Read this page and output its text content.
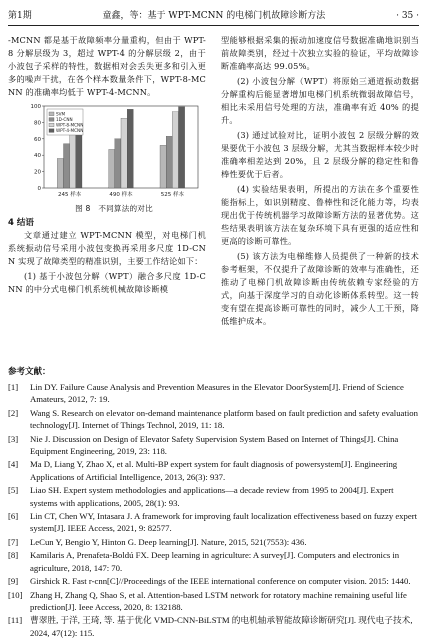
第1期	童鑫，等：基于 WPT-MCNN 的电梯门机故障诊断方法	· 35 ·

-MCNN 都是基于故障频率分量重构，但由于 WPT-8 分解层级为 3，超过 WPT-4 的分解层级 2，由于小波包子采样的特性，数据相对会丢失更多和引入更多的噪声干扰，在各个样本数量条件下，WPT-8-MCNN 的准确率均低于 WPT-4-MCNN。

0
20
40
60
80
100
245 样本	490 样本	525 样本
SVM
1D-CNN
WPT-8-MCNN
WPT-4-MCNN
图 8　不同算法的对比
4 结语

文章通过建立 WPT-MCNN 模型，对电梯门机系统振动信号采用小波包变换再采用多尺度 1D-CNN 实现了故障类型的精准识别，主要工作结论如下：

(1) 基于小波包分解（WPT）融合多尺度 1D-CNN 的中分式电梯门机系统机械故障诊断模

型能够根据采集的振动加速度信号数据准确地识别当前故障类别，经过十次独立实验的验证，平均故障诊断准确率高达 99.05%。

(2) 小波包分解（WPT）将原始三通道振动数据分解重构后能显著增加电梯门机系统微弱故障信号，相比未采用信号处理的方法，准确率有近 40% 的提升。

(3) 通过试验对比，证明小波包 2 层级分解的效果要优于小波包 3 层级分解，尤其当数据样本较少时准确率相差达到 20%，且 2 层级分解的稳定性和鲁棒性要优于后者。

(4) 实验结果表明，所提出的方法在多个重要性能指标上，如识别精度、鲁棒性和泛化能力等，均表现出优于传统机器学习故障诊断方法的显著优势。这些结果表明该方法在复杂环境下具有更强的适应性和更高的诊断可靠性。

(5) 该方法为电梯维修人员提供了一种新的技术参考框架，不仅提升了故障诊断的效率与准确性，还推动了电梯门机故障诊断由传统依赖专家经验的方式，向基于深度学习的自动化诊断体系转型。这一转变有望在提高诊断可靠性的同时，减少人工干预，降低维护成本。

参考文献：
[1]	Lin DY. Failure Cause Analysis and Prevention Measures in the Elevator DoorSystem[J]. Friend of Science Amateurs, 2012, 7: 19.
[2]	Wang S. Research on elevator on-demand maintenance platform based on fault prediction and safety evaluation technology[J]. Internet of Things Technol, 2019, 11: 18.
[3]	Nie J. Discussion on Design of Elevator Safety Supervision System Based on Internet of Things[J]. China Equipment Engineering, 2019, 23: 118.
[4]	Ma D, Liang Y, Zhao X, et al. Multi-BP expert system for fault diagnosis of powersystem[J]. Engineering Applications of Artificial Intelligence, 2013, 26(3): 937.
[5]	Liao SH. Expert system methodologies and applications—a decade review from 1995 to 2004[J]. Expert systems with applications, 2005, 28(1): 93.
[6]	Lin CT, Chen WY, Intasara J. A framework for improving fault localization effectiveness based on fuzzy expert system[J]. IEEE Access, 2021, 9: 82577.
[7]	LeCun Y, Bengio Y, Hinton G. Deep learning[J]. Nature, 2015, 521(7553): 436.
[8]	Kamilaris A, Prenafeta-Boldú FX. Deep learning in agriculture: A survey[J]. Computers and electronics in agriculture, 2018, 147: 70.
[9]	Girshick R. Fast r-cnn[C]//Proceedings of the IEEE international conference on computer vision. 2015: 1440.
[10] Zhang H, Zhang Q, Shao S, et al. Attention-based LSTM network for rotatory machine remaining useful life prediction[J]. Ieee Access, 2020, 8: 132188.
[11] 曹翠胜, 于洋, 王琦, 等. 基于优化 VMD-CNN-BiLSTM 的电机轴承智能故障诊断研究[J]. 现代电子技术, 2024, 47(12): 115.
